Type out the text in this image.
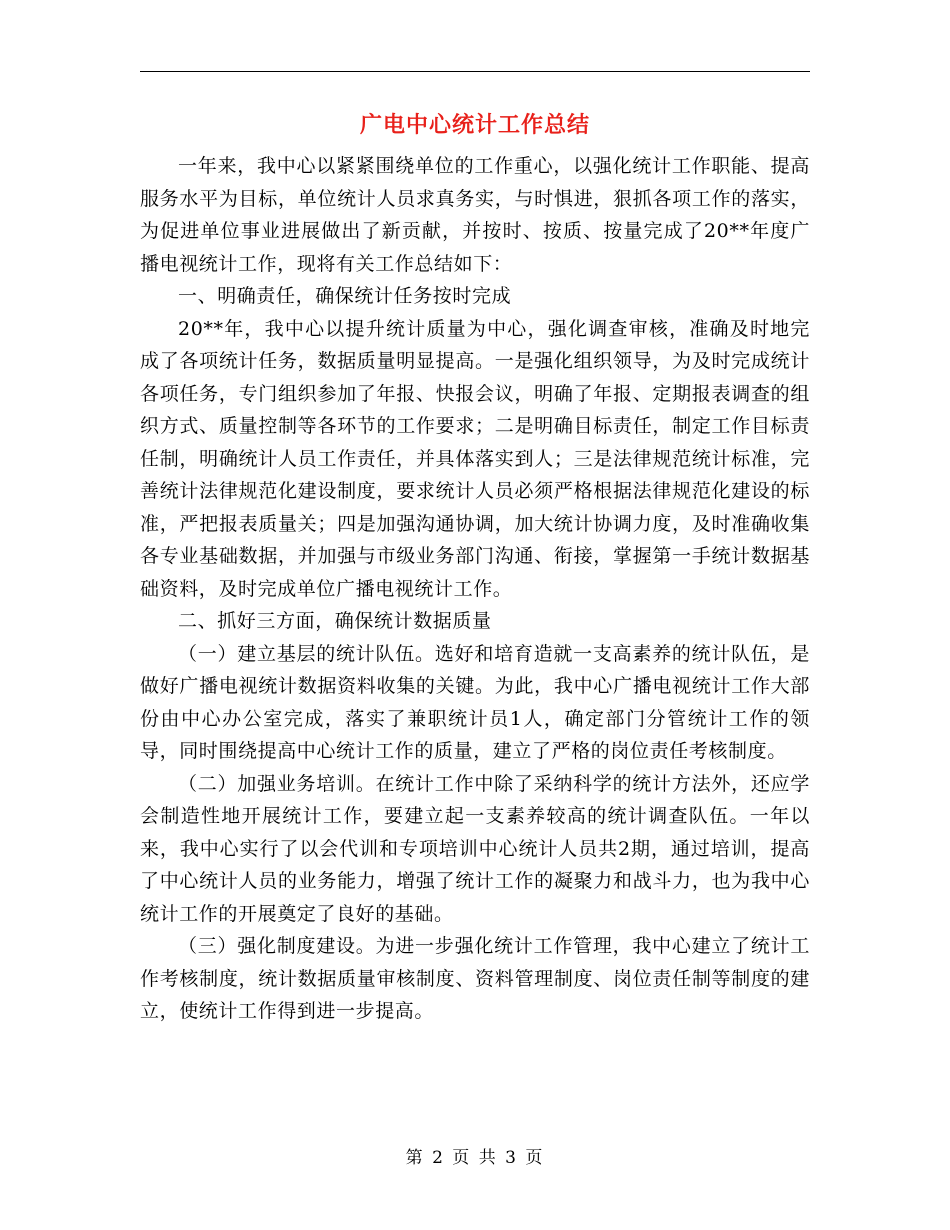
广电中心统计工作总结

一年来，我中心以紧紧围绕单位的工作重心，以强化统计工作职能、提高服务水平为目标，单位统计人员求真务实，与时惧进，狠抓各项工作的落实，为促进单位事业进展做出了新贡献，并按时、按质、按量完成了20**年度广播电视统计工作，现将有关工作总结如下：

一、明确责任，确保统计任务按时完成

20**年，我中心以提升统计质量为中心，强化调查审核，准确及时地完成了各项统计任务，数据质量明显提高。一是强化组织领导，为及时完成统计各项任务，专门组织参加了年报、快报会议，明确了年报、定期报表调查的组织方式、质量控制等各环节的工作要求；二是明确目标责任，制定工作目标责任制，明确统计人员工作责任，并具体落实到人；三是法律规范统计标准，完善统计法律规范化建设制度，要求统计人员必须严格根据法律规范化建设的标准，严把报表质量关；四是加强沟通协调，加大统计协调力度，及时准确收集各专业基础数据，并加强与市级业务部门沟通、衔接，掌握第一手统计数据基础资料，及时完成单位广播电视统计工作。

二、抓好三方面，确保统计数据质量

（一）建立基层的统计队伍。选好和培育造就一支高素养的统计队伍，是做好广播电视统计数据资料收集的关键。为此，我中心广播电视统计工作大部份由中心办公室完成，落实了兼职统计员1人，确定部门分管统计工作的领导，同时围绕提高中心统计工作的质量，建立了严格的岗位责任考核制度。

（二）加强业务培训。在统计工作中除了采纳科学的统计方法外，还应学会制造性地开展统计工作，要建立起一支素养较高的统计调查队伍。一年以来，我中心实行了以会代训和专项培训中心统计人员共2期，通过培训，提高了中心统计人员的业务能力，增强了统计工作的凝聚力和战斗力，也为我中心统计工作的开展奠定了良好的基础。

（三）强化制度建设。为进一步强化统计工作管理，我中心建立了统计工作考核制度，统计数据质量审核制度、资料管理制度、岗位责任制等制度的建立，使统计工作得到进一步提高。

第 2 页 共 3 页
